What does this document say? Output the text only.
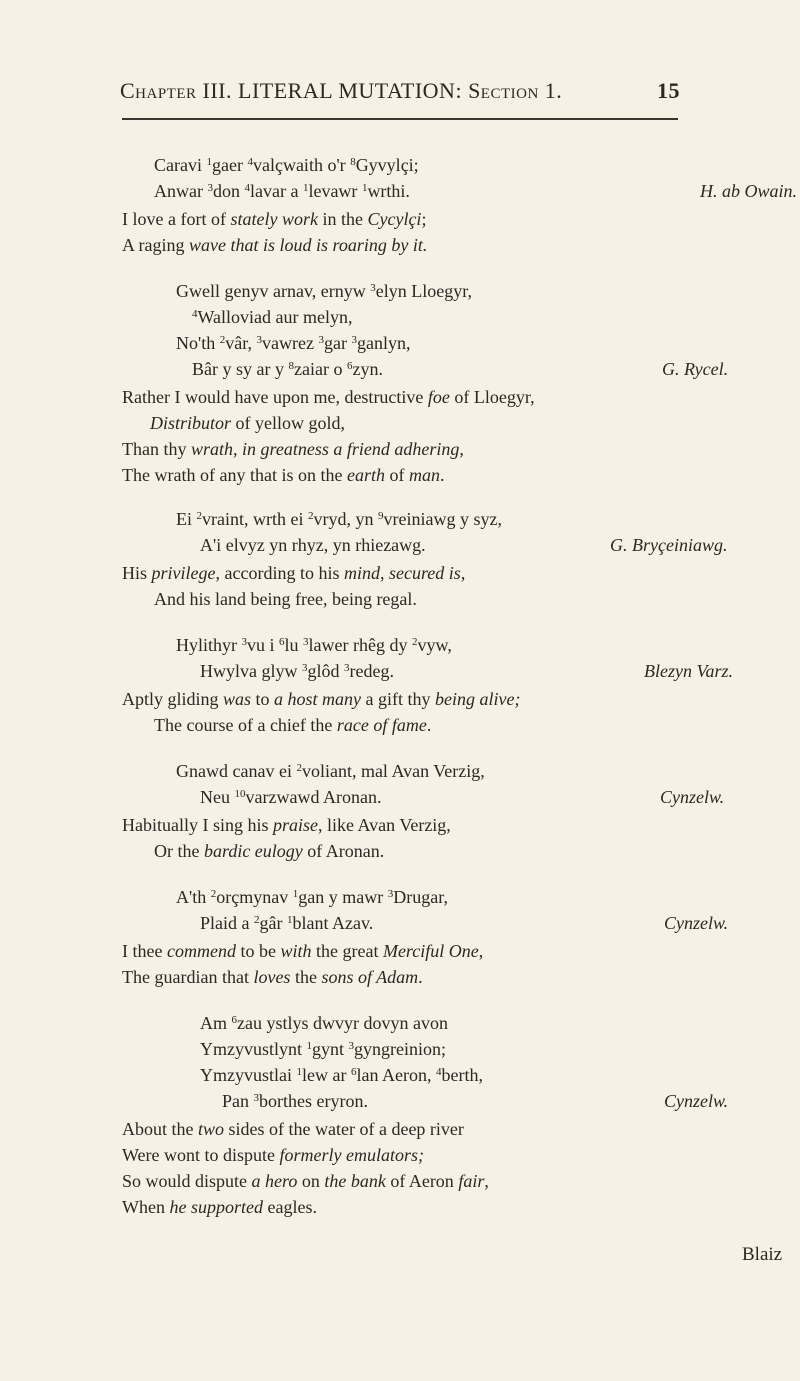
Chapter III. LITERAL MUTATION: Section 1.	15
Caravi $^1$gaer $^4$valçwaith o'r $^8$Gyvylçi;
Anwar $^3$don $^4$lavar a $^1$levawr $^1$wrthi.	H. ab Owain.
I love a fort of stately work in the Cycylçi;
A raging wave that is loud is roaring by it.
Gwell genyv arnav, ernyw $^3$elyn Lloegyr,
$^4$Walloviad aur melyn,
No'th $^2$vâr, $^3$vawrez $^3$gar $^3$ganlyn,
Bâr y sy ar y $^8$zaiar o $^6$zyn.	G. Rycel.
Rather I would have upon me, destructive foe of Lloegyr,
Distributor of yellow gold,
Than thy wrath, in greatness a friend adhering,
The wrath of any that is on the earth of man.
Ei $^2$vraint, wrth ei $^2$vryd, yn $^9$vreiniawg y syz,
A'i elvyz yn rhyz, yn rhiezawg.	G. Bryçeiniawg.
His privilege, according to his mind, secured is,
And his land being free, being regal.
Hylithyr $^3$vu i $^6$lu $^3$lawer rhêg dy $^2$vyw,
Hwylva glyw $^3$glôd $^3$redeg.	Blezyn Varz.
Aptly gliding was to a host many a gift thy being alive;
The course of a chief the race of fame.
Gnawd canav ei $^2$voliant, mal Avan Verzig,
Neu $^{10}$varzwawd Aronan.	Cynzelw.
Habitually I sing his praise, like Avan Verzig,
Or the bardic eulogy of Aronan.
A'th $^2$orçmynav $^1$gan y mawr $^3$Drugar,
Plaid a $^2$gâr $^1$blant Azav.	Cynzelw.
I thee commend to be with the great Merciful One,
The guardian that loves the sons of Adam.
Am $^6$zau ystlys dwvyr dovyn avon
Ymzyvustlynt $^1$gynt $^3$gyngreinion;
Ymzyvustlai $^1$lew ar $^6$lan Aeron, $^4$berth,
Pan $^3$borthes eryron.	Cynzelw.
About the two sides of the water of a deep river
Were wont to dispute formerly emulators;
So would dispute a hero on the bank of Aeron fair,
When he supported eagles.
Blaiz
